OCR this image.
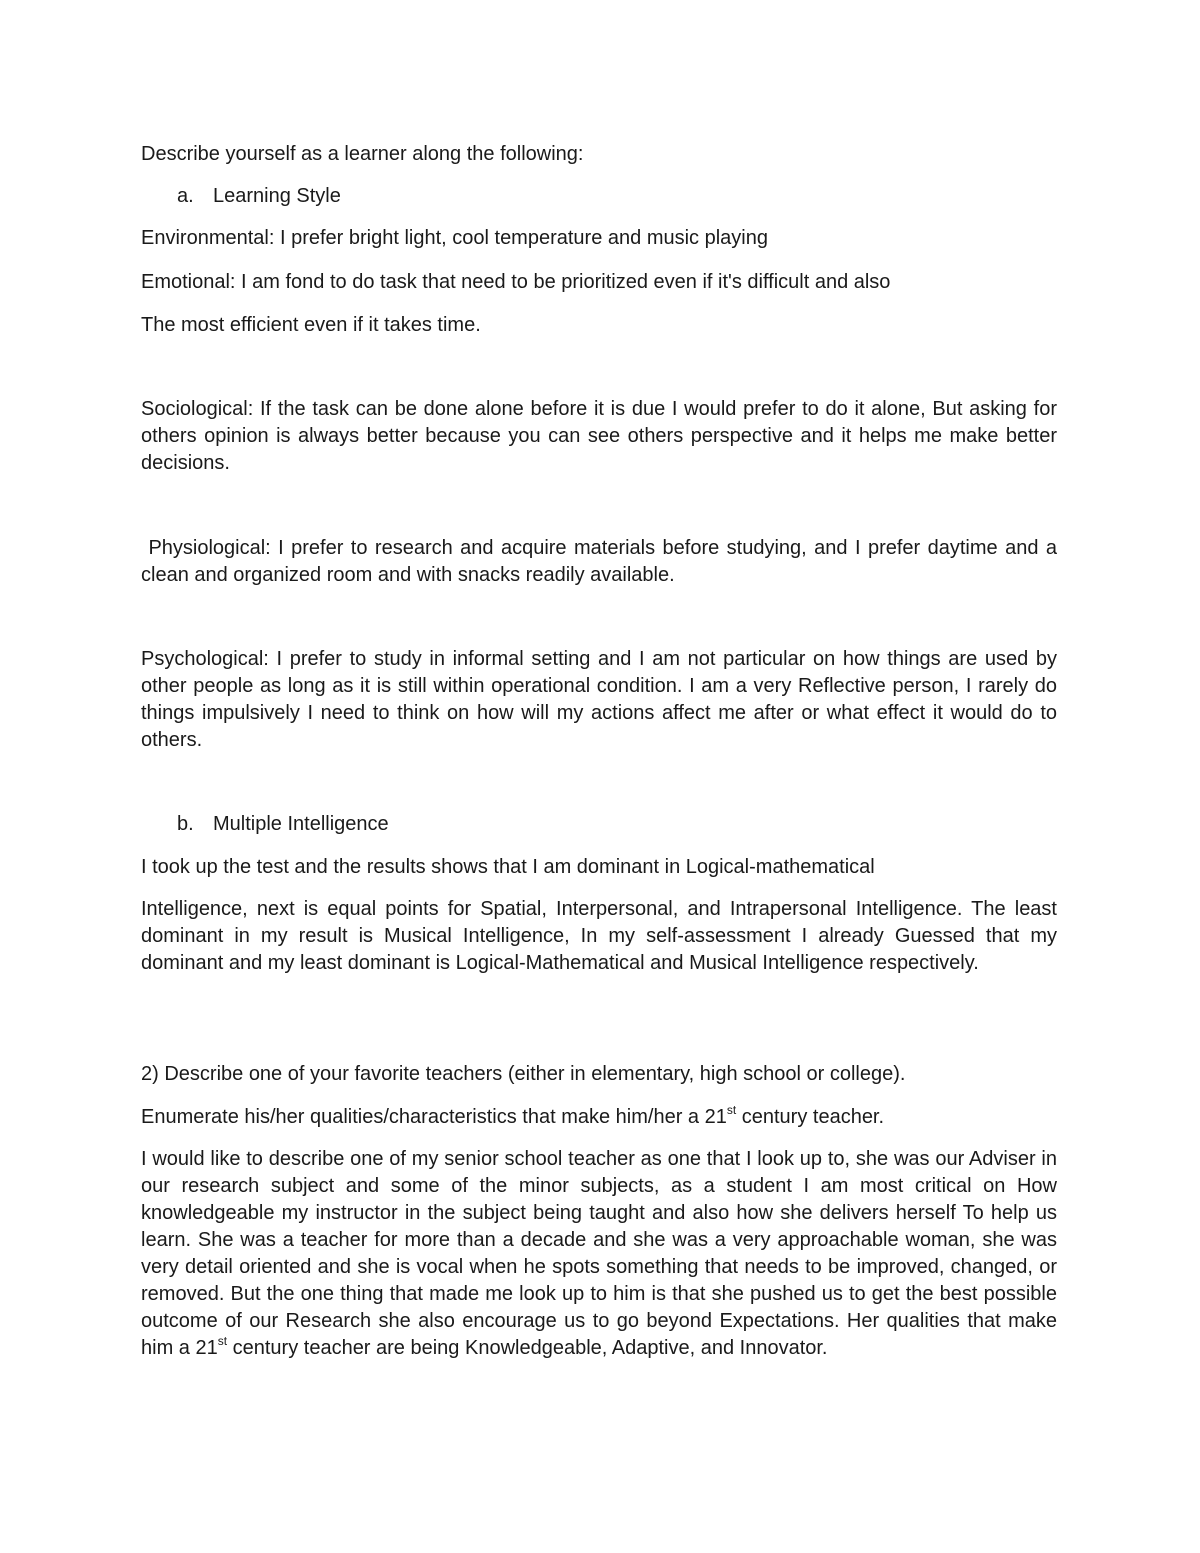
Describe yourself as a learner along the following:
a. Learning Style
Environmental: I prefer bright light, cool temperature and music playing
Emotional: I am fond to do task that need to be prioritized even if it's difficult and also
The most efficient even if it takes time.

Sociological: If the task can be done alone before it is due I would prefer to do it alone, But asking for others opinion is always better because you can see others perspective and it helps me make better decisions.

Physiological: I prefer to research and acquire materials before studying, and I prefer daytime and a clean and organized room and with snacks readily available.

Psychological: I prefer to study in informal setting and I am not particular on how things are used by other people as long as it is still within operational condition. I am a very Reflective person, I rarely do things impulsively I need to think on how will my actions affect me after or what effect it would do to others.

b. Multiple Intelligence
I took up the test and the results shows that I am dominant in Logical-mathematical

Intelligence, next is equal points for Spatial, Interpersonal, and Intrapersonal Intelligence. The least dominant in my result is Musical Intelligence, In my self-assessment I already Guessed that my dominant and my least dominant is Logical-Mathematical and Musical Intelligence respectively.

2) Describe one of your favorite teachers (either in elementary, high school or college).
Enumerate his/her qualities/characteristics that make him/her a 21st century teacher.

I would like to describe one of my senior school teacher as one that I look up to, she was our Adviser in our research subject and some of the minor subjects, as a student I am most critical on How knowledgeable my instructor in the subject being taught and also how she delivers herself To help us learn. She was a teacher for more than a decade and she was a very approachable woman, she was very detail oriented and she is vocal when he spots something that needs to be improved, changed, or removed. But the one thing that made me look up to him is that she pushed us to get the best possible outcome of our Research she also encourage us to go beyond Expectations. Her qualities that make him a 21st century teacher are being Knowledgeable, Adaptive, and Innovator.
